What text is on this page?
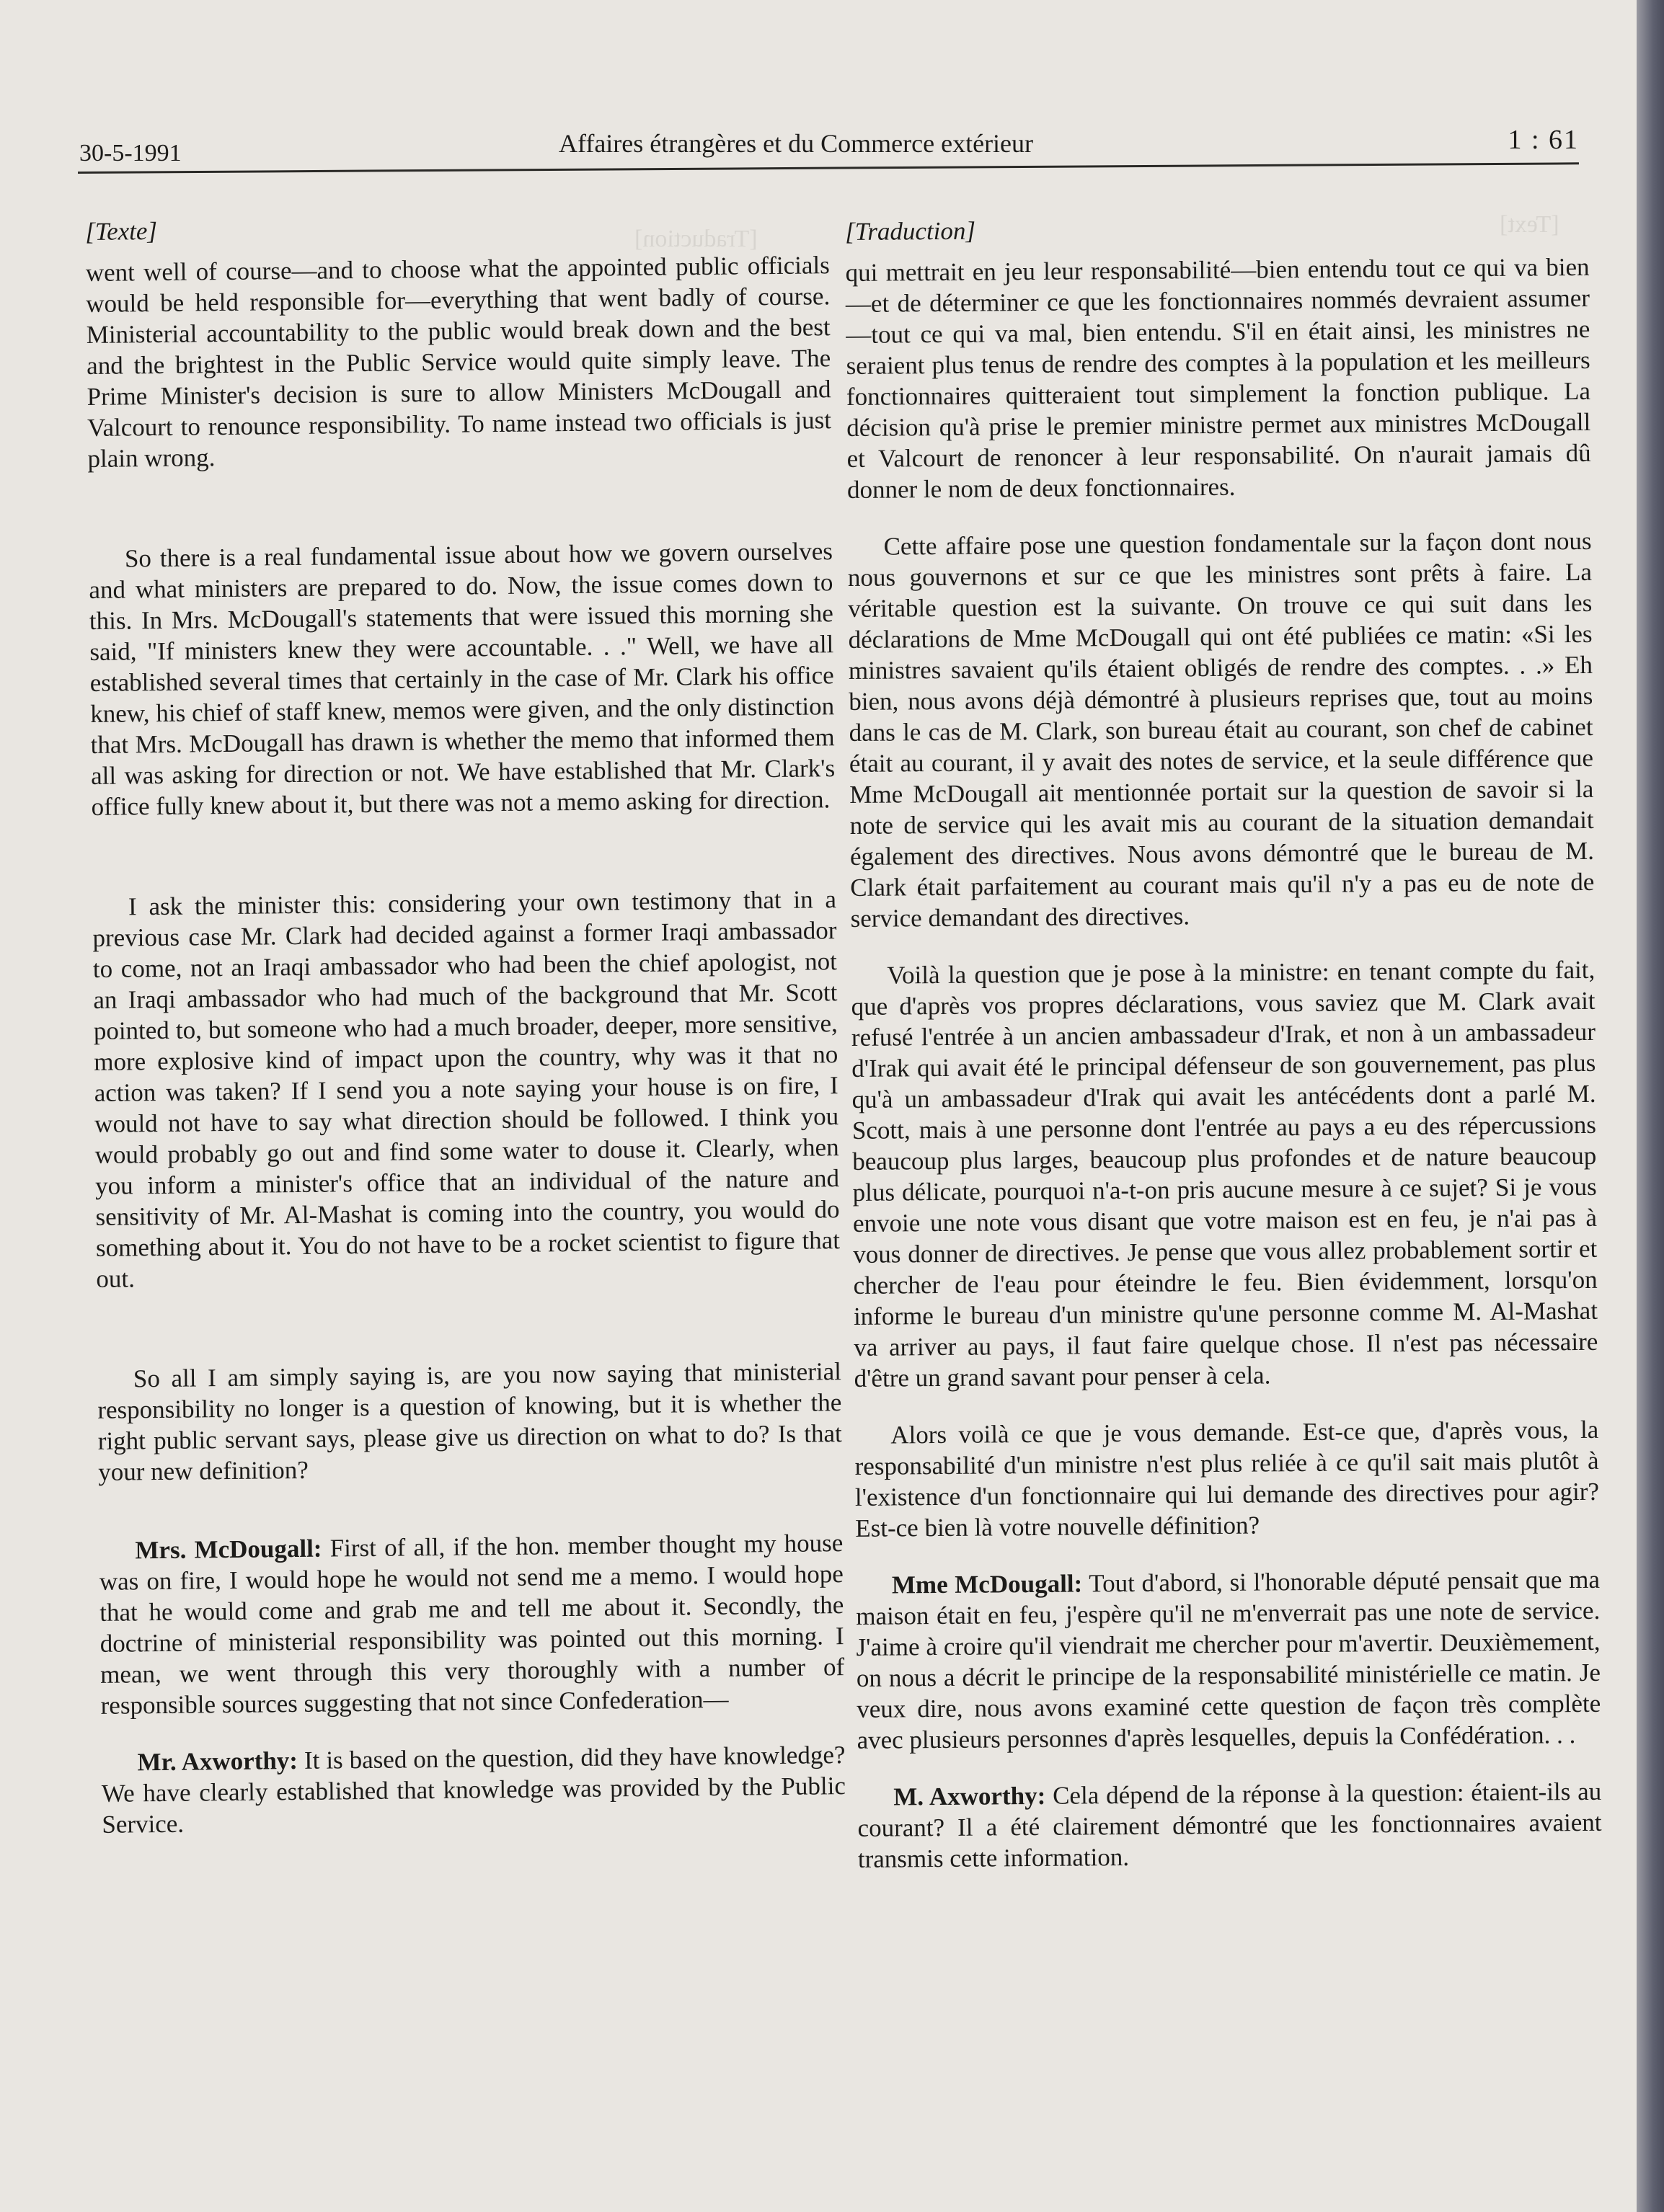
[Traduction]
[Text]
30-5-1991	Affaires étrangères et du Commerce extérieur	1 : 61

[Texte]

went well of course—and to choose what the appointed public officials would be held responsible for—everything that went badly of course. Ministerial accountability to the public would break down and the best and the brightest in the Public Service would quite simply leave. The Prime Minister's decision is sure to allow Ministers McDougall and Valcourt to renounce responsibility. To name instead two officials is just plain wrong.

So there is a real fundamental issue about how we govern ourselves and what ministers are prepared to do. Now, the issue comes down to this. In Mrs. McDougall's statements that were issued this morning she said, "If ministers knew they were accountable. . ." Well, we have all established several times that certainly in the case of Mr. Clark his office knew, his chief of staff knew, memos were given, and the only distinction that Mrs. McDougall has drawn is whether the memo that informed them all was asking for direction or not. We have established that Mr. Clark's office fully knew about it, but there was not a memo asking for direction.

I ask the minister this: considering your own testimony that in a previous case Mr. Clark had decided against a former Iraqi ambassador to come, not an Iraqi ambassador who had been the chief apologist, not an Iraqi ambassador who had much of the background that Mr. Scott pointed to, but someone who had a much broader, deeper, more sensitive, more explosive kind of impact upon the country, why was it that no action was taken? If I send you a note saying your house is on fire, I would not have to say what direction should be followed. I think you would probably go out and find some water to douse it. Clearly, when you inform a minister's office that an individual of the nature and sensitivity of Mr. Al-Mashat is coming into the country, you would do something about it. You do not have to be a rocket scientist to figure that out.

So all I am simply saying is, are you now saying that ministerial responsibility no longer is a question of knowing, but it is whether the right public servant says, please give us direction on what to do? Is that your new definition?

Mrs. McDougall: First of all, if the hon. member thought my house was on fire, I would hope he would not send me a memo. I would hope that he would come and grab me and tell me about it. Secondly, the doctrine of ministerial responsibility was pointed out this morning. I mean, we went through this very thoroughly with a number of responsible sources suggesting that not since Confederation—

Mr. Axworthy: It is based on the question, did they have knowledge? We have clearly established that knowledge was provided by the Public Service.

[Traduction]

qui mettrait en jeu leur responsabilité—bien entendu tout ce qui va bien—et de déterminer ce que les fonctionnaires nommés devraient assumer—tout ce qui va mal, bien entendu. S'il en était ainsi, les ministres ne seraient plus tenus de rendre des comptes à la population et les meilleurs fonctionnaires quitteraient tout simplement la fonction publique. La décision qu'à prise le premier ministre permet aux ministres McDougall et Valcourt de renoncer à leur responsabilité. On n'aurait jamais dû donner le nom de deux fonctionnaires.

Cette affaire pose une question fondamentale sur la façon dont nous nous gouvernons et sur ce que les ministres sont prêts à faire. La véritable question est la suivante. On trouve ce qui suit dans les déclarations de Mme McDougall qui ont été publiées ce matin: «Si les ministres savaient qu'ils étaient obligés de rendre des comptes. . .» Eh bien, nous avons déjà démontré à plusieurs reprises que, tout au moins dans le cas de M. Clark, son bureau était au courant, son chef de cabinet était au courant, il y avait des notes de service, et la seule différence que Mme McDougall ait mentionnée portait sur la question de savoir si la note de service qui les avait mis au courant de la situation demandait également des directives. Nous avons démontré que le bureau de M. Clark était parfaitement au courant mais qu'il n'y a pas eu de note de service demandant des directives.

Voilà la question que je pose à la ministre: en tenant compte du fait, que d'après vos propres déclarations, vous saviez que M. Clark avait refusé l'entrée à un ancien ambassadeur d'Irak, et non à un ambassadeur d'Irak qui avait été le principal défenseur de son gouvernement, pas plus qu'à un ambassadeur d'Irak qui avait les antécédents dont a parlé M. Scott, mais à une personne dont l'entrée au pays a eu des répercussions beaucoup plus larges, beaucoup plus profondes et de nature beaucoup plus délicate, pourquoi n'a-t-on pris aucune mesure à ce sujet? Si je vous envoie une note vous disant que votre maison est en feu, je n'ai pas à vous donner de directives. Je pense que vous allez probablement sortir et chercher de l'eau pour éteindre le feu. Bien évidemment, lorsqu'on informe le bureau d'un ministre qu'une personne comme M. Al-Mashat va arriver au pays, il faut faire quelque chose. Il n'est pas nécessaire d'être un grand savant pour penser à cela.

Alors voilà ce que je vous demande. Est-ce que, d'après vous, la responsabilité d'un ministre n'est plus reliée à ce qu'il sait mais plutôt à l'existence d'un fonctionnaire qui lui demande des directives pour agir? Est-ce bien là votre nouvelle définition?

Mme McDougall: Tout d'abord, si l'honorable député pensait que ma maison était en feu, j'espère qu'il ne m'enverrait pas une note de service. J'aime à croire qu'il viendrait me chercher pour m'avertir. Deuxièmement, on nous a décrit le principe de la responsabilité ministérielle ce matin. Je veux dire, nous avons examiné cette question de façon très complète avec plusieurs personnes d'après lesquelles, depuis la Confédération. . .

M. Axworthy: Cela dépend de la réponse à la question: étaient-ils au courant? Il a été clairement démontré que les fonctionnaires avaient transmis cette information.
